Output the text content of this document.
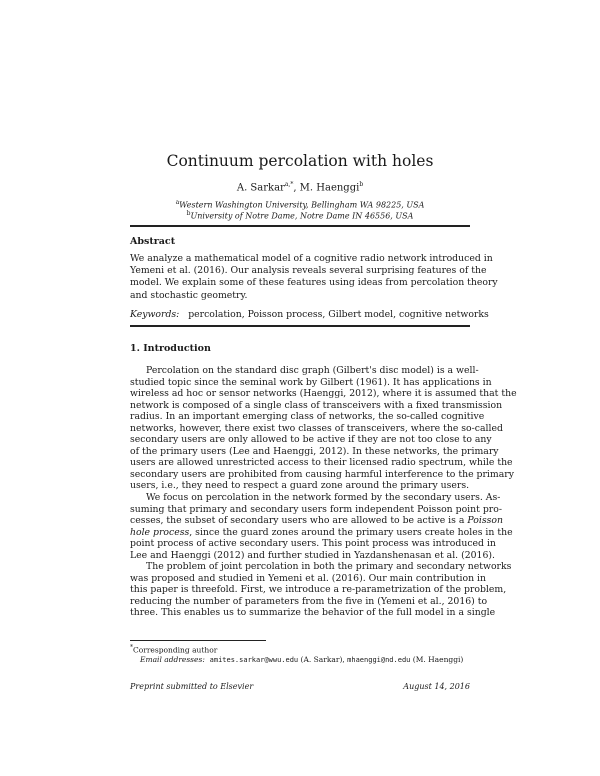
Continuum percolation with holes
A. Sarkar$^{a,*}$, M. Haenggi$^b$
$^a$Western Washington University, Bellingham WA 98225, USA
$^b$University of Notre Dame, Notre Dame IN 46556, USA
Abstract
We analyze a mathematical model of a cognitive radio network introduced in
Yemeni et al. (2016). Our analysis reveals several surprising features of the
model. We explain some of these features using ideas from percolation theory
and stochastic geometry.
Keywords: percolation, Poisson process, Gilbert model, cognitive networks
1. Introduction
Percolation on the standard disc graph (Gilbert's disc model) is a well-
studied topic since the seminal work by Gilbert (1961). It has applications in
wireless ad hoc or sensor networks (Haenggi, 2012), where it is assumed that the
network is composed of a single class of transceivers with a fixed transmission
radius. In an important emerging class of networks, the so-called cognitive
networks, however, there exist two classes of transceivers, where the so-called
secondary users are only allowed to be active if they are not too close to any
of the primary users (Lee and Haenggi, 2012). In these networks, the primary
users are allowed unrestricted access to their licensed radio spectrum, while the
secondary users are prohibited from causing harmful interference to the primary
users, i.e., they need to respect a guard zone around the primary users.
We focus on percolation in the network formed by the secondary users. As-
suming that primary and secondary users form independent Poisson point pro-
cesses, the subset of secondary users who are allowed to be active is a Poisson
hole process, since the guard zones around the primary users create holes in the
point process of active secondary users. This point process was introduced in
Lee and Haenggi (2012) and further studied in Yazdanshenasan et al. (2016).
The problem of joint percolation in both the primary and secondary networks
was proposed and studied in Yemeni et al. (2016). Our main contribution in
this paper is threefold. First, we introduce a re-parametrization of the problem,
reducing the number of parameters from the five in (Yemeni et al., 2016) to
three. This enables us to summarize the behavior of the full model in a single
*Corresponding author
Email addresses: amites.sarkar@wwu.edu (A. Sarkar), mhaenggi@nd.edu (M. Haenggi)
Preprint submitted to Elsevier	August 14, 2016
